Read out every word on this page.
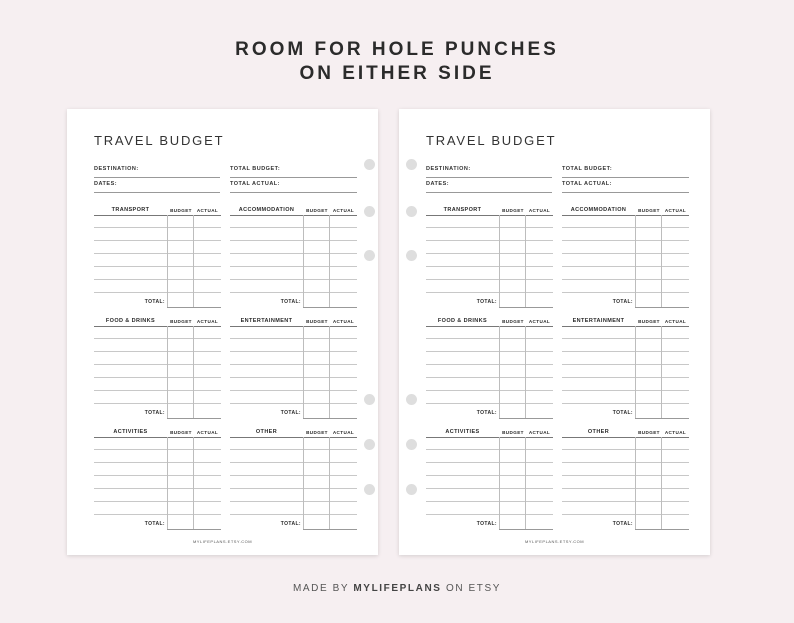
ROOM FOR HOLE PUNCHES
ON EITHER SIDE
TRAVEL BUDGET
DESTINATION:
DATES:
TOTAL BUDGET:
TOTAL ACTUAL:
TRANSPORT	BUDGET	ACTUAL
TOTAL:
ACCOMMODATION	BUDGET	ACTUAL
TOTAL:
FOOD & DRINKS	BUDGET	ACTUAL
TOTAL:
ENTERTAINMENT	BUDGET	ACTUAL
TOTAL:
ACTIVITIES	BUDGET	ACTUAL
TOTAL:
OTHER	BUDGET	ACTUAL
TOTAL:
MYLIFEPLANS.ETSY.COM
TRAVEL BUDGET
DESTINATION:
DATES:
TOTAL BUDGET:
TOTAL ACTUAL:
TRANSPORT	BUDGET	ACTUAL
TOTAL:
ACCOMMODATION	BUDGET	ACTUAL
TOTAL:
FOOD & DRINKS	BUDGET	ACTUAL
TOTAL:
ENTERTAINMENT	BUDGET	ACTUAL
TOTAL:
ACTIVITIES	BUDGET	ACTUAL
TOTAL:
OTHER	BUDGET	ACTUAL
TOTAL:
MYLIFEPLANS.ETSY.COM
MADE BY MYLIFEPLANS ON ETSY
